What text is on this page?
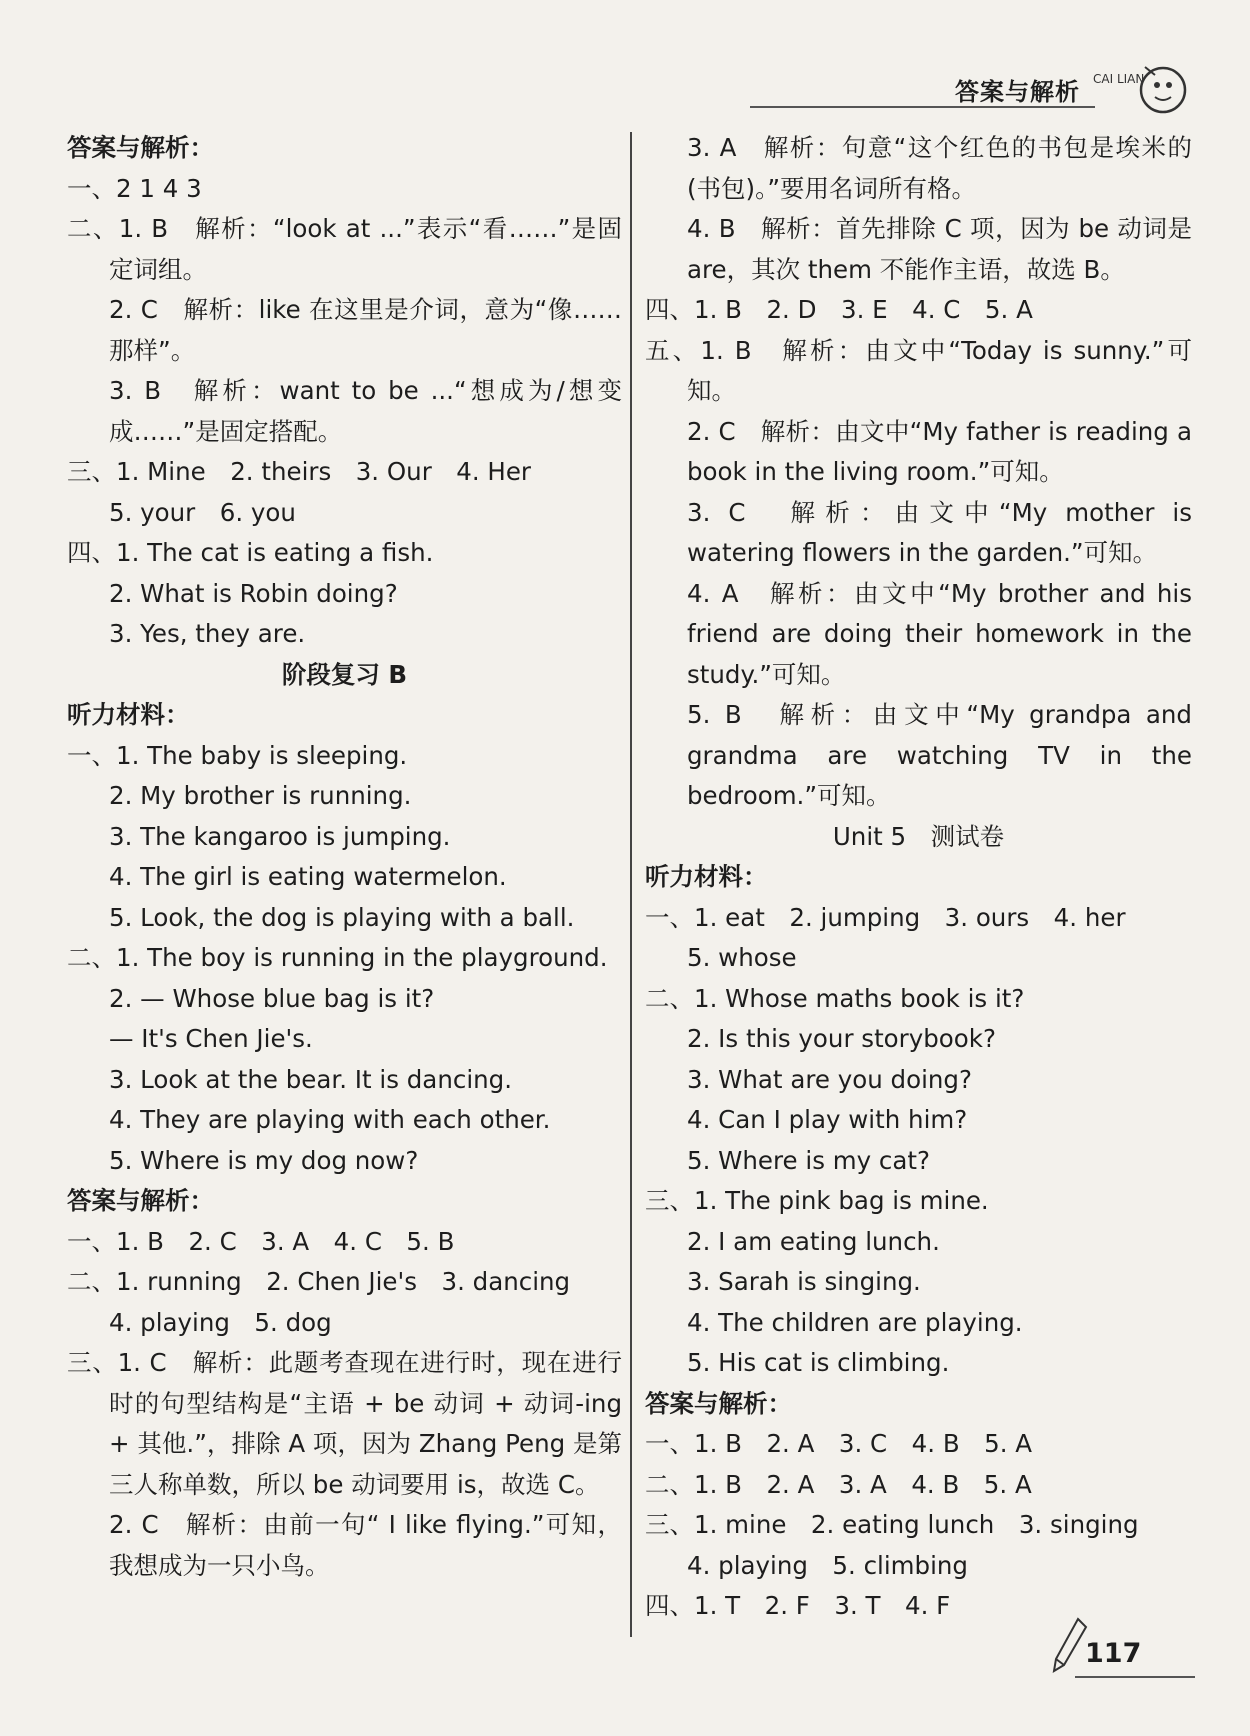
答案与解析 CAI LIAN
答案与解析：
一、2 1 4 3
二、1. B　解析：“look at ...”表示“看……”是固定词组。
2. C　解析：like 在这里是介词，意为“像……那样”。
3. B　解析：want to be ...“想成为/想变成……”是固定搭配。
三、1. Mine　2. theirs　3. Our　4. Her
5. your　6. you
四、1. The cat is eating a fish.
2. What is Robin doing?
3. Yes, they are.
阶段复习 B
听力材料：
一、1. The baby is sleeping.
2. My brother is running.
3. The kangaroo is jumping.
4. The girl is eating watermelon.
5. Look, the dog is playing with a ball.
二、1. The boy is running in the playground.
2. — Whose blue bag is it?
— It's Chen Jie's.
3. Look at the bear. It is dancing.
4. They are playing with each other.
5. Where is my dog now?
答案与解析：
一、1. B　2. C　3. A　4. C　5. B
二、1. running　2. Chen Jie's　3. dancing
4. playing　5. dog
三、1. C　解析：此题考查现在进行时，现在进行时的句型结构是“主语 + be 动词 + 动词-ing + 其他.”，排除 A 项，因为 Zhang Peng 是第三人称单数，所以 be 动词要用 is，故选 C。
2. C　解析：由前一句“ I like flying.”可知，我想成为一只小鸟。
3. A　解析：句意“这个红色的书包是埃米的(书包)。”要用名词所有格。
4. B　解析：首先排除 C 项，因为 be 动词是 are，其次 them 不能作主语，故选 B。
四、1. B　2. D　3. E　4. C　5. A
五、1. B　解析：由文中“Today is sunny.”可知。
2. C　解析：由文中“My father is reading a book in the living room.”可知。
3. C　解析：由文中“My mother is watering flowers in the garden.”可知。
4. A　解析：由文中“My brother and his friend are doing their homework in the study.”可知。
5. B　解析：由文中“My grandpa and grandma are watching TV in the bedroom.”可知。
Unit 5　测试卷
听力材料：
一、1. eat　2. jumping　3. ours　4. her
5. whose
二、1. Whose maths book is it?
2. Is this your storybook?
3. What are you doing?
4. Can I play with him?
5. Where is my cat?
三、1. The pink bag is mine.
2. I am eating lunch.
3. Sarah is singing.
4. The children are playing.
5. His cat is climbing.
答案与解析：
一、1. B　2. A　3. C　4. B　5. A
二、1. B　2. A　3. A　4. B　5. A
三、1. mine　2. eating lunch　3. singing
4. playing　5. climbing
四、1. T　2. F　3. T　4. F
117
